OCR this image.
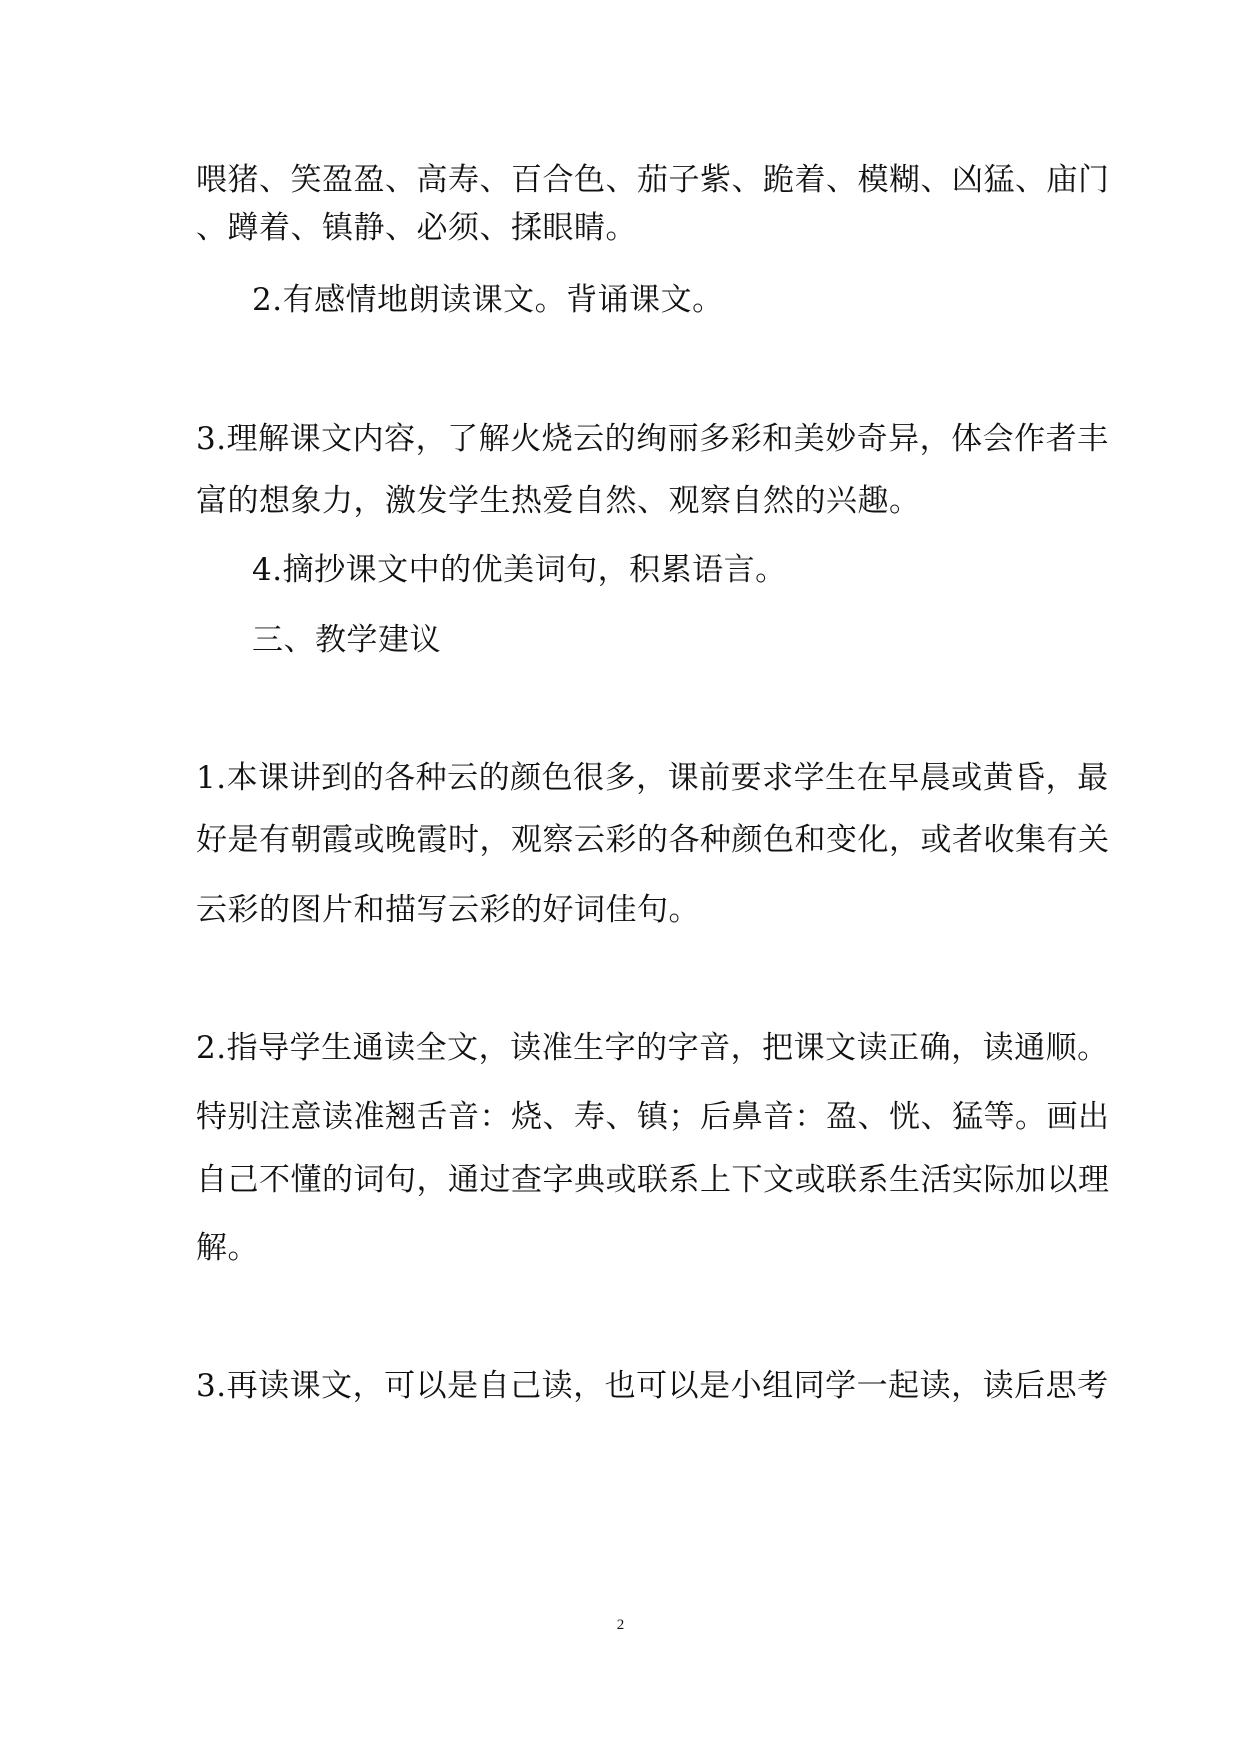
喂猪、笑盈盈、高寿、百合色、茄子紫、跪着、模糊、凶猛、庙门
、蹲着、镇静、必须、揉眼睛。
2.有感情地朗读课文。背诵课文。
3.理解课文内容，了解火烧云的绚丽多彩和美妙奇异，体会作者丰
富的想象力，激发学生热爱自然、观察自然的兴趣。
4.摘抄课文中的优美词句，积累语言。
三、教学建议
1.本课讲到的各种云的颜色很多，课前要求学生在早晨或黄昏，最
好是有朝霞或晚霞时，观察云彩的各种颜色和变化，或者收集有关
云彩的图片和描写云彩的好词佳句。
2.指导学生通读全文，读准生字的字音，把课文读正确，读通顺。
特别注意读准翘舌音：烧、寿、镇；后鼻音：盈、恍、猛等。画出
自己不懂的词句，通过查字典或联系上下文或联系生活实际加以理
解。
3.再读课文，可以是自己读，也可以是小组同学一起读，读后思考
2
